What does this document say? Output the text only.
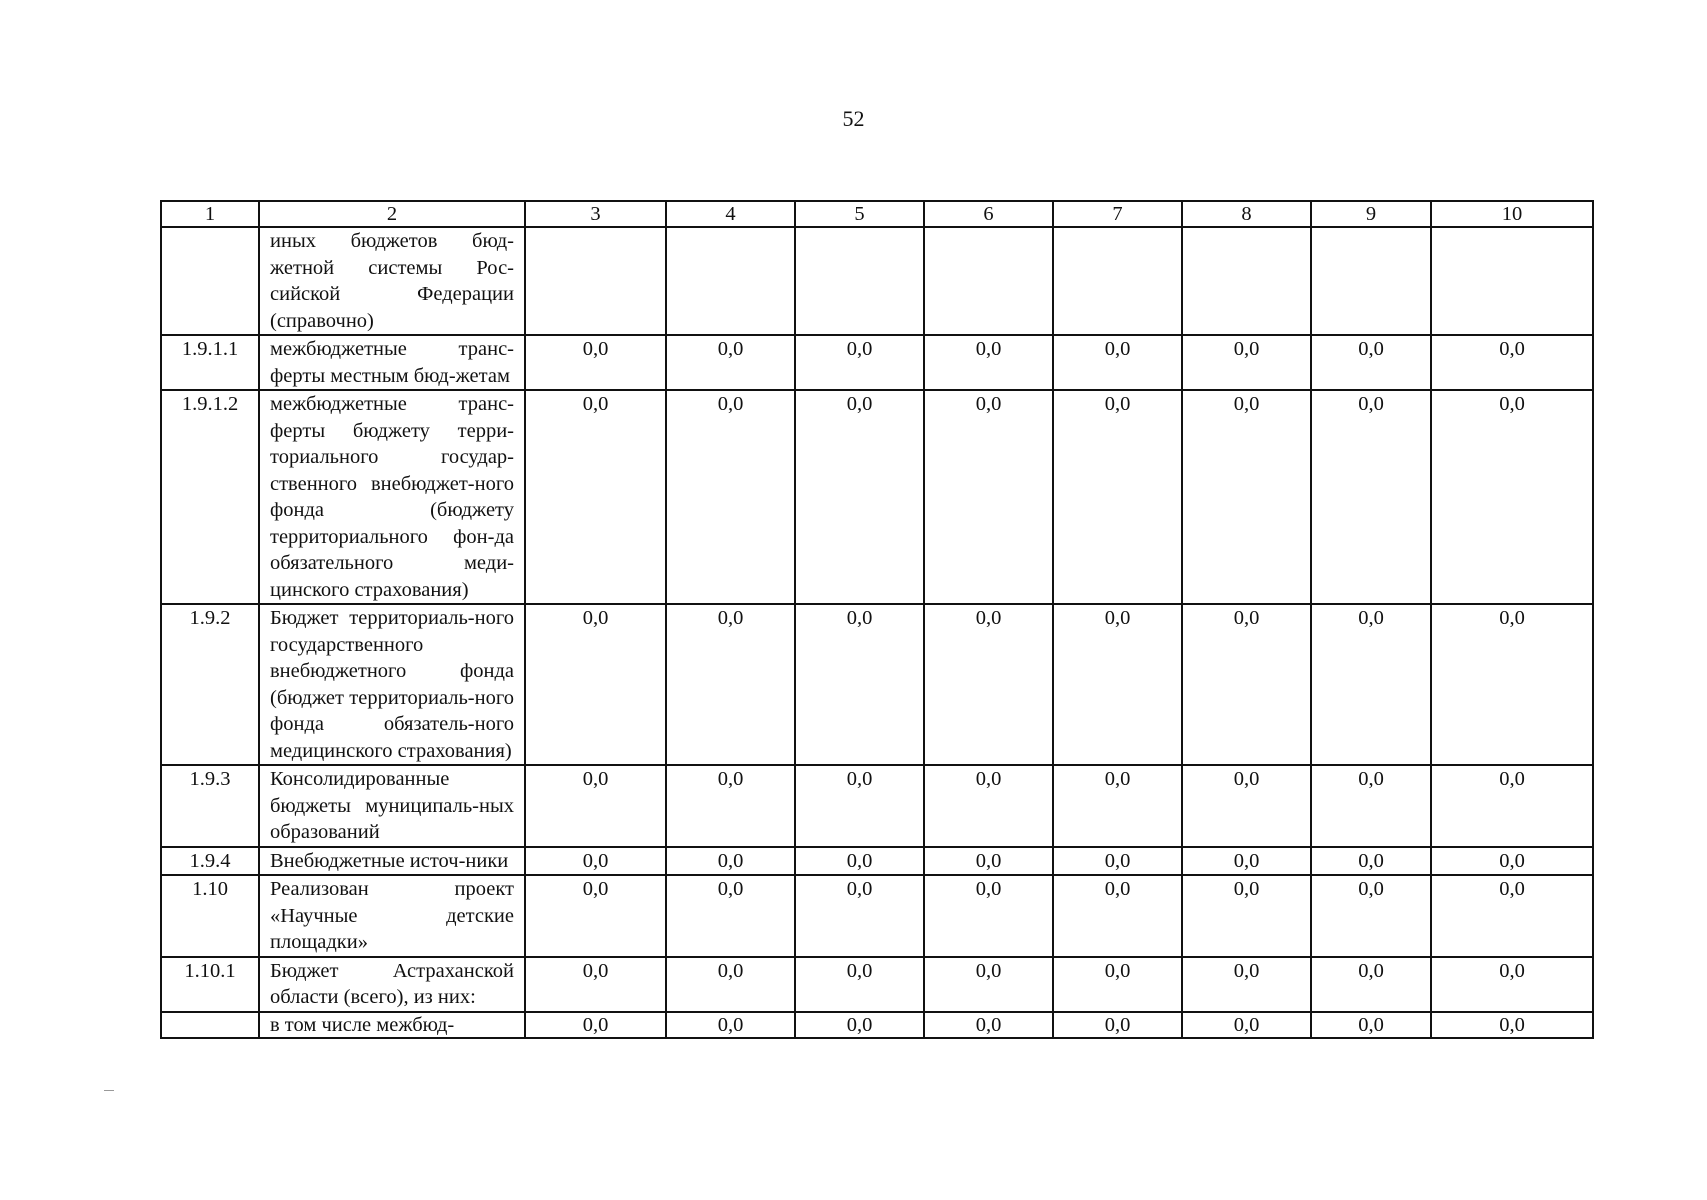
52
1	2	3	4	5	6	7	8	9	10
	иных бюджетов бюд-жетной системы Рос-сийской Федерации (справочно)								
1.9.1.1	межбюджетные транс-ферты местным бюд-жетам	0,0	0,0	0,0	0,0	0,0	0,0	0,0	0,0
1.9.1.2	межбюджетные транс-ферты бюджету терри-ториального государ-ственного внебюджет-ного фонда (бюджету территориального фон-да обязательного меди-цинского страхования)	0,0	0,0	0,0	0,0	0,0	0,0	0,0	0,0
1.9.2	Бюджет территориаль-ного государственного внебюджетного фонда (бюджет территориаль-ного фонда обязатель-ного медицинского страхования)	0,0	0,0	0,0	0,0	0,0	0,0	0,0	0,0
1.9.3	Консолидированные бюджеты муниципаль-ных образований	0,0	0,0	0,0	0,0	0,0	0,0	0,0	0,0
1.9.4	Внебюджетные источ-ники	0,0	0,0	0,0	0,0	0,0	0,0	0,0	0,0
1.10	Реализован проект «Научные детские площадки»	0,0	0,0	0,0	0,0	0,0	0,0	0,0	0,0
1.10.1	Бюджет Астраханской области (всего), из них:	0,0	0,0	0,0	0,0	0,0	0,0	0,0	0,0
	в том числе межбюд-	0,0	0,0	0,0	0,0	0,0	0,0	0,0	0,0
